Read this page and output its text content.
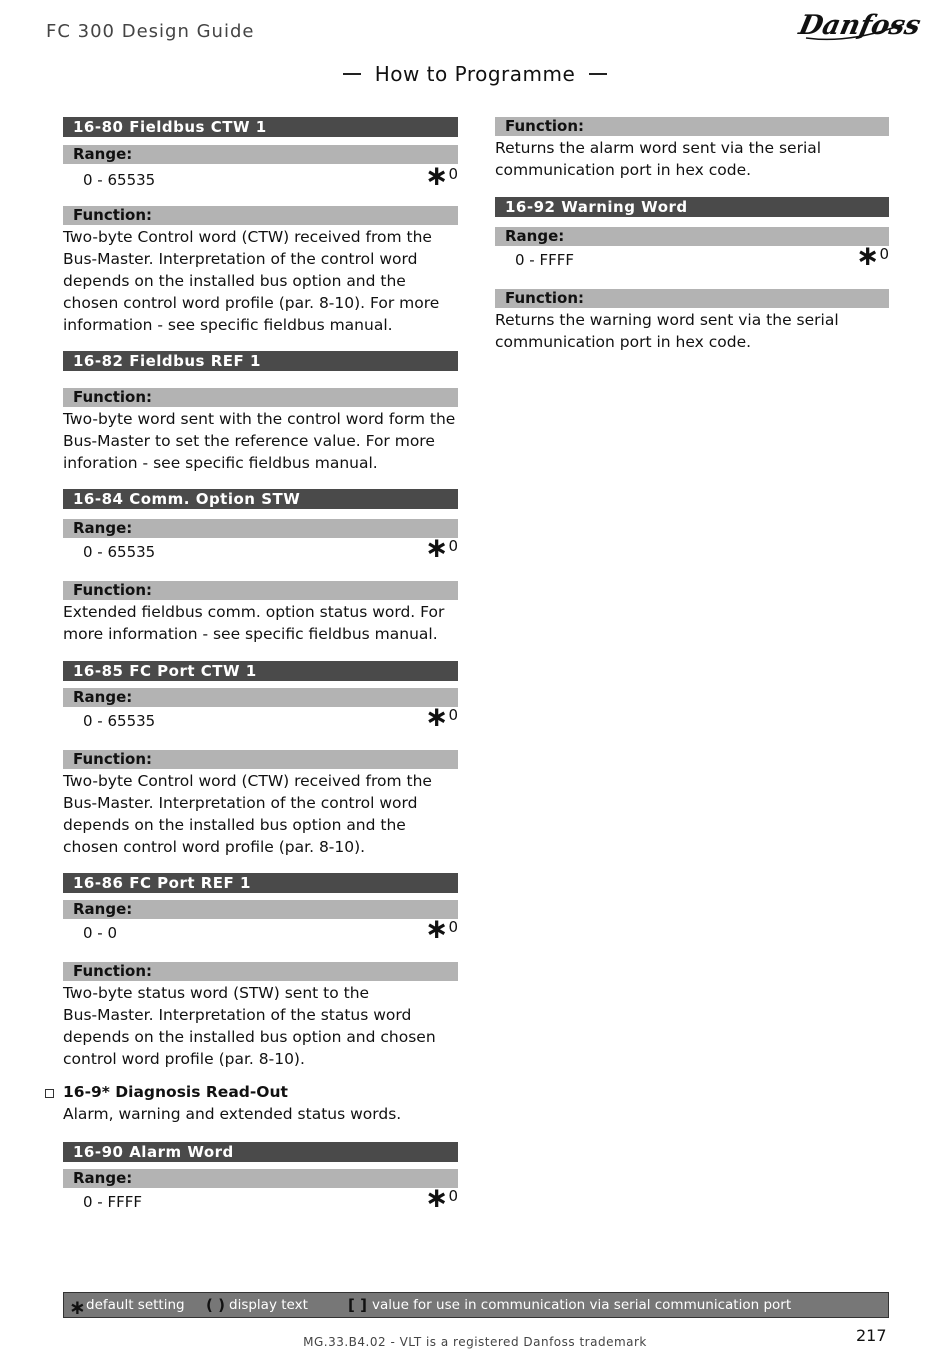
FC 300 Design Guide	Danfoss
How to Programme
16-80 Fieldbus CTW 1
Range:
0 - 65535	∗0
Function:
Two-byte Control word (CTW) received from the
Bus-Master. Interpretation of the control word
depends on the installed bus option and the
chosen control word profile (par. 8-10). For more
information - see specific fieldbus manual.
16-82 Fieldbus REF 1
Function:
Two-byte word sent with the control word form the
Bus-Master to set the reference value. For more
inforation - see specific fieldbus manual.
16-84 Comm. Option STW
Range:
0 - 65535	∗0
Function:
Extended fieldbus comm. option status word. For
more information - see specific fieldbus manual.
16-85 FC Port CTW 1
Range:
0 - 65535	∗0
Function:
Two-byte Control word (CTW) received from the
Bus-Master. Interpretation of the control word
depends on the installed bus option and the
chosen control word profile (par. 8-10).
16-86 FC Port REF 1
Range:
0 - 0	∗0
Function:
Two-byte status word (STW) sent to the
Bus-Master. Interpretation of the status word
depends on the installed bus option and chosen
control word profile (par. 8-10).
16-9* Diagnosis Read-Out
Alarm, warning and extended status words.
16-90 Alarm Word
Range:
0 - FFFF	∗0
Function:
Returns the alarm word sent via the serial
communication port in hex code.
16-92 Warning Word
Range:
0 - FFFF	∗0
Function:
Returns the warning word sent via the serial
communication port in hex code.
∗ default setting ( ) display text	[ ] value for use in communication via serial communication port
MG.33.B4.02 - VLT is a registered Danfoss trademark	217
